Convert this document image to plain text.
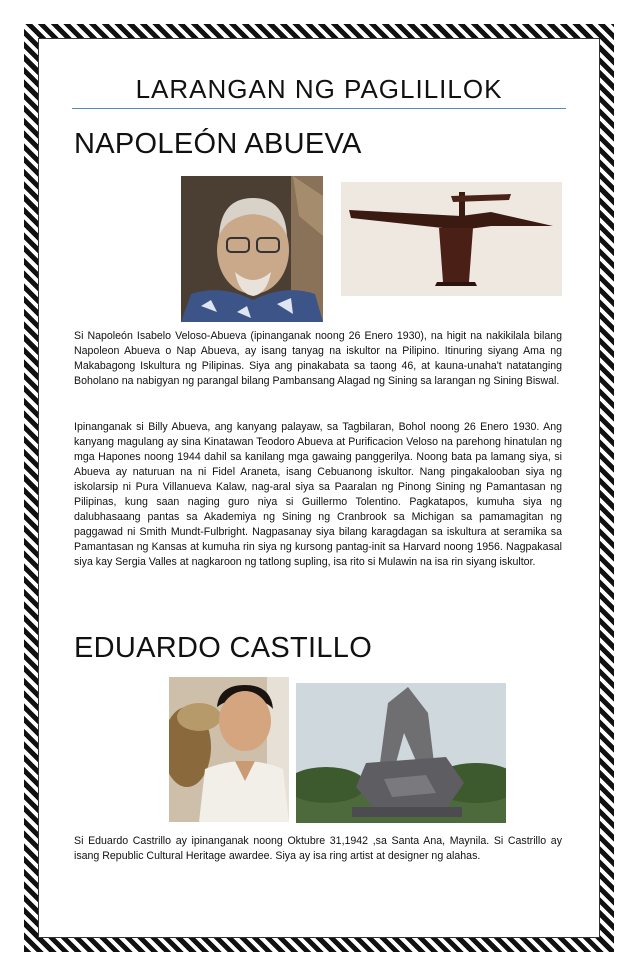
LARANGAN NG PAGLILILOK
NAPOLEÓN ABUEVA
Si Napoleón Isabelo Veloso-Abueva (ipinanganak noong 26 Enero 1930), na higit na nakikilala bilang Napoleon Abueva o Nap Abueva, ay isang tanyag na iskultor na Pilipino. Itinuring siyang Ama ng Makabagong Iskultura ng Pilipinas. Siya ang pinakabata sa taong 46, at kauna-unaha't natatanging Boholano na nabigyan ng parangal bilang Pambansang Alagad ng Sining sa larangan ng Sining Biswal.
Ipinanganak si Billy Abueva, ang kanyang palayaw, sa Tagbilaran, Bohol noong 26 Enero 1930. Ang kanyang magulang ay sina Kinatawan Teodoro Abueva at Purificacion Veloso na parehong hinatulan ng mga Hapones noong 1944 dahil sa kanilang mga gawaing panggerilya. Noong bata pa lamang siya, si Abueva ay naturuan na ni Fidel Araneta, isang Cebuanong iskultor. Nang pingakalooban siya ng iskolarsip ni Pura Villanueva Kalaw, nag-aral siya sa Paaralan ng Pinong Sining ng Pamantasan ng Pilipinas, kung saan naging guro niya si Guillermo Tolentino. Pagkatapos, kumuha siya ng dalubhasaang pantas sa Akademiya ng Sining ng Cranbrook sa Michigan sa pamamagitan ng paggawad ni Smith Mundt-Fulbright. Nagpasanay siya bilang karagdagan sa iskultura at seramika sa Pamantasan ng Kansas at kumuha rin siya ng kursong pantag-init sa Harvard noong 1956. Nagpakasal siya kay Sergia Valles at nagkaroon ng tatlong supling, isa rito si Mulawin na isa rin siyang iskultor.
EDUARDO CASTILLO
Si Eduardo Castrillo ay ipinanganak noong Oktubre 31,1942 ,sa Santa Ana, Maynila. Si Castrillo ay isang Republic Cultural Heritage awardee. Siya ay isa ring artist at designer ng alahas.
